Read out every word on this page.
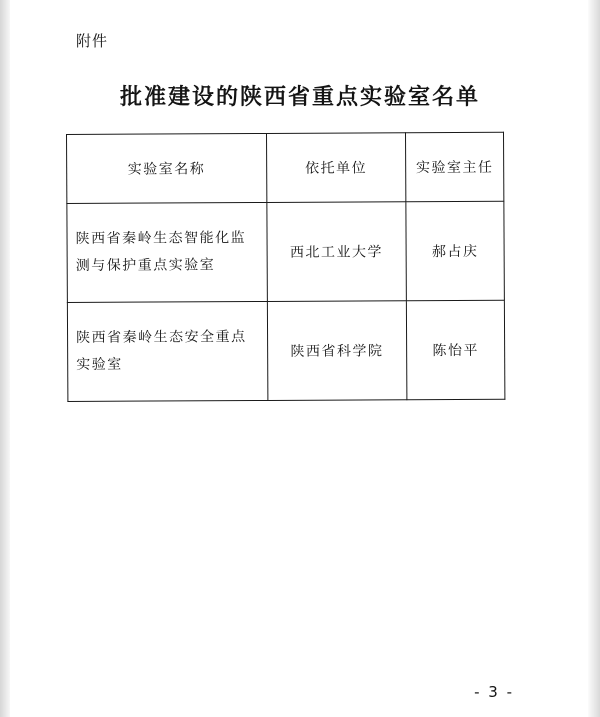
附件
批准建设的陕西省重点实验室名单
实验室名称	依托单位	实验室主任
陕西省秦岭生态智能化监测与保护重点实验室	西北工业大学	郝占庆
陕西省秦岭生态安全重点实验室	陕西省科学院	陈怡平
- 3 -
